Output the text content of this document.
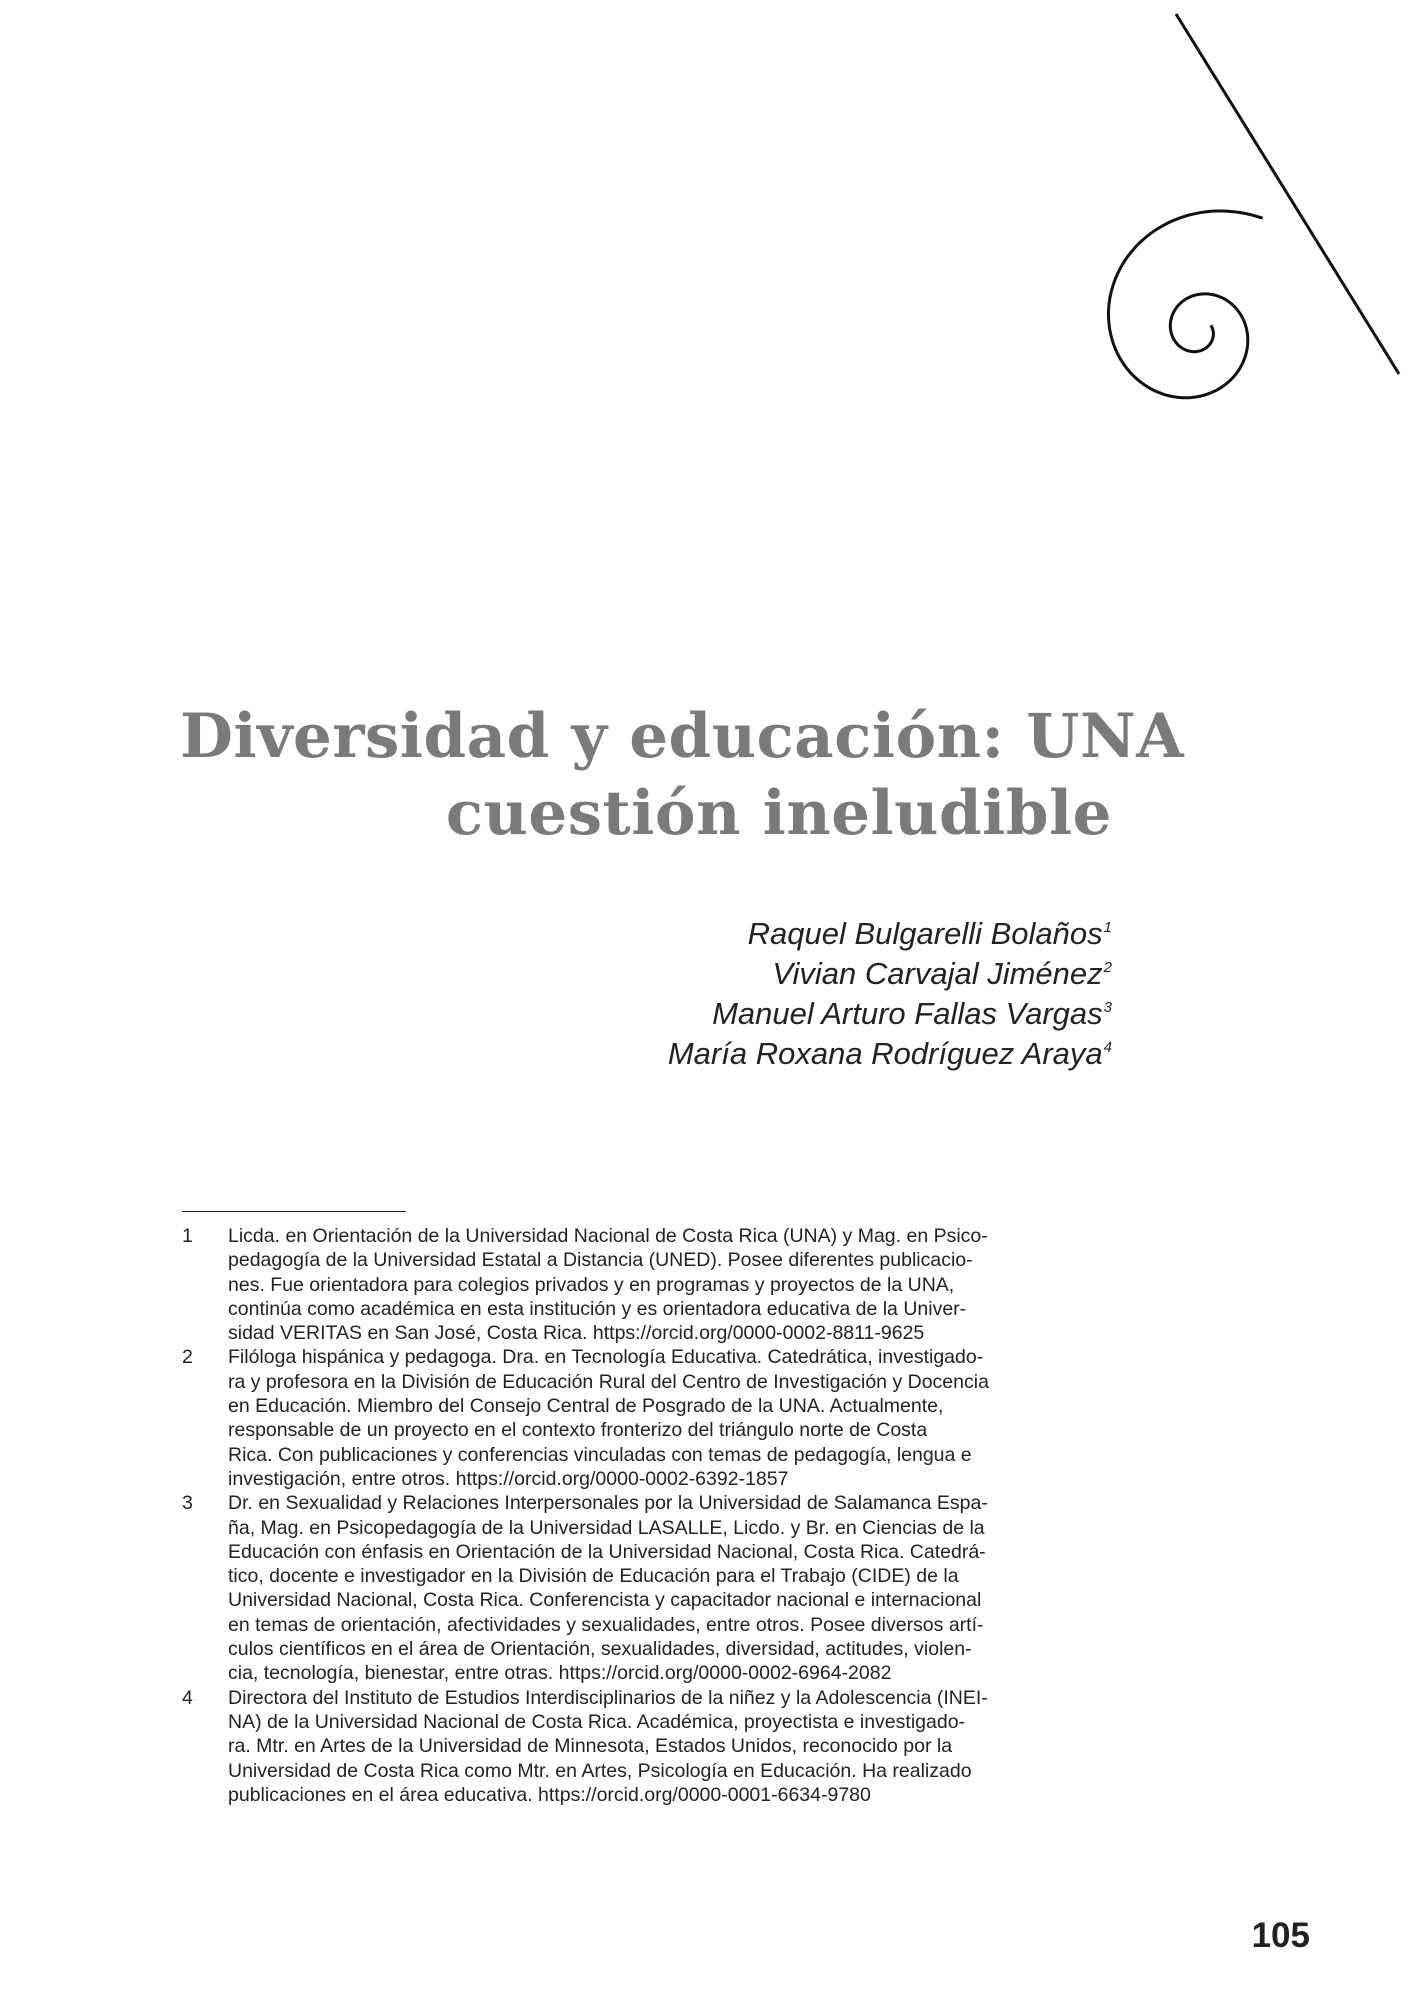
Diversidad y educación: UNA
cuestión ineludible
Raquel Bulgarelli Bolaños$^1$
Vivian Carvajal Jiménez$^2$
Manuel Arturo Fallas Vargas$^3$
María Roxana Rodríguez Araya$^4$
1	Licda. en Orientación de la Universidad Nacional de Costa Rica (UNA) y Mag. en Psico-
pedagogía de la Universidad Estatal a Distancia (UNED). Posee diferentes publicacio-
nes. Fue orientadora para colegios privados y en programas y proyectos de la UNA,
continúa como académica en esta institución y es orientadora educativa de la Univer-
sidad VERITAS en San José, Costa Rica. https://orcid.org/0000-0002-8811-9625
2	Filóloga hispánica y pedagoga. Dra. en Tecnología Educativa. Catedrática, investigado-
ra y profesora en la División de Educación Rural del Centro de Investigación y Docencia
en Educación. Miembro del Consejo Central de Posgrado de la UNA. Actualmente,
responsable de un proyecto en el contexto fronterizo del triángulo norte de Costa
Rica. Con publicaciones y conferencias vinculadas con temas de pedagogía, lengua e
investigación, entre otros. https://orcid.org/0000-0002-6392-1857
3	Dr. en Sexualidad y Relaciones Interpersonales por la Universidad de Salamanca Espa-
ña, Mag. en Psicopedagogía de la Universidad LASALLE, Licdo. y Br. en Ciencias de la
Educación con énfasis en Orientación de la Universidad Nacional, Costa Rica. Catedrá-
tico, docente e investigador en la División de Educación para el Trabajo (CIDE) de la
Universidad Nacional, Costa Rica. Conferencista y capacitador nacional e internacional
en temas de orientación, afectividades y sexualidades, entre otros. Posee diversos artí-
culos científicos en el área de Orientación, sexualidades, diversidad, actitudes, violen-
cia, tecnología, bienestar, entre otras. https://orcid.org/0000-0002-6964-2082
4	Directora del Instituto de Estudios Interdisciplinarios de la niñez y la Adolescencia (INEI-
NA) de la Universidad Nacional de Costa Rica. Académica, proyectista e investigado-
ra. Mtr. en Artes de la Universidad de Minnesota, Estados Unidos, reconocido por la
Universidad de Costa Rica como Mtr. en Artes, Psicología en Educación. Ha realizado
publicaciones en el área educativa. https://orcid.org/0000-0001-6634-9780
105
